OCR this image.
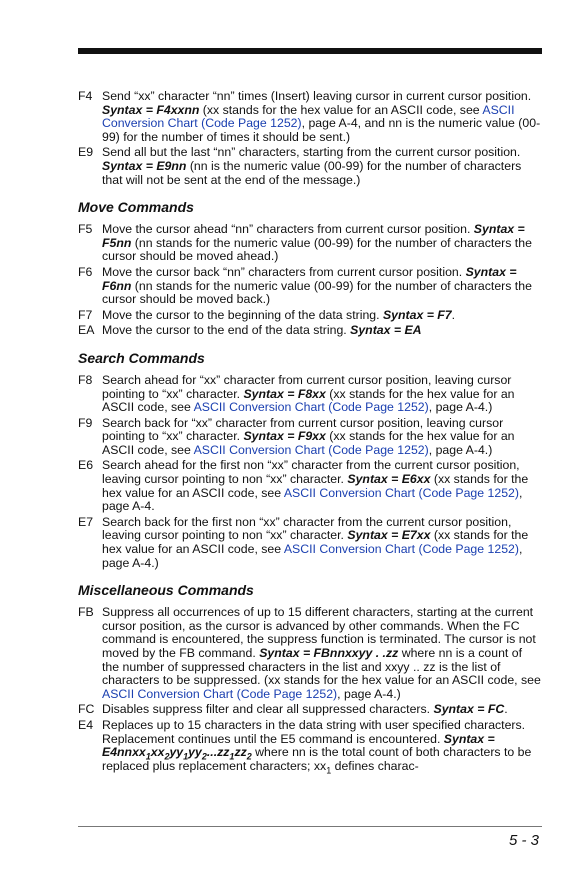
F4 Send “xx” character “nn” times (Insert) leaving cursor in current cursor position. Syntax = F4xxnn (xx stands for the hex value for an ASCII code, see ASCII Conversion Chart (Code Page 1252), page A-4, and nn is the numeric value (00-99) for the number of times it should be sent.)
E9 Send all but the last “nn” characters, starting from the current cursor position. Syntax = E9nn (nn is the numeric value (00-99) for the number of characters that will not be sent at the end of the message.)
Move Commands
F5 Move the cursor ahead “nn” characters from current cursor position. Syntax = F5nn (nn stands for the numeric value (00-99) for the number of characters the cursor should be moved ahead.)
F6 Move the cursor back “nn” characters from current cursor position. Syntax = F6nn (nn stands for the numeric value (00-99) for the number of characters the cursor should be moved back.)
F7 Move the cursor to the beginning of the data string. Syntax = F7.
EA Move the cursor to the end of the data string. Syntax = EA
Search Commands
F8 Search ahead for “xx” character from current cursor position, leaving cursor pointing to “xx” character. Syntax = F8xx (xx stands for the hex value for an ASCII code, see ASCII Conversion Chart (Code Page 1252), page A-4.)
F9 Search back for “xx” character from current cursor position, leaving cursor pointing to “xx” character. Syntax = F9xx (xx stands for the hex value for an ASCII code, see ASCII Conversion Chart (Code Page 1252), page A-4.)
E6 Search ahead for the first non “xx” character from the current cursor position, leaving cursor pointing to non “xx” character. Syntax = E6xx (xx stands for the hex value for an ASCII code, see ASCII Conversion Chart (Code Page 1252), page A-4.
E7 Search back for the first non “xx” character from the current cursor position, leaving cursor pointing to non “xx” character. Syntax = E7xx (xx stands for the hex value for an ASCII code, see ASCII Conversion Chart (Code Page 1252), page A-4.)
Miscellaneous Commands
FB Suppress all occurrences of up to 15 different characters, starting at the current cursor position, as the cursor is advanced by other commands. When the FC command is encountered, the suppress function is terminated. The cursor is not moved by the FB command. Syntax = FBnnxxyy . .zz where nn is a count of the number of suppressed characters in the list and xxyy .. zz is the list of characters to be suppressed. (xx stands for the hex value for an ASCII code, see ASCII Conversion Chart (Code Page 1252), page A-4.)
FC Disables suppress filter and clear all suppressed characters. Syntax = FC.
E4 Replaces up to 15 characters in the data string with user specified characters. Replacement continues until the E5 command is encountered. Syntax = $E4nnxx_1xx_2yy_1yy_2...zz_1zz_2$ where nn is the total count of both characters to be replaced plus replacement characters; $xx_1$ defines charac-
5 - 3
